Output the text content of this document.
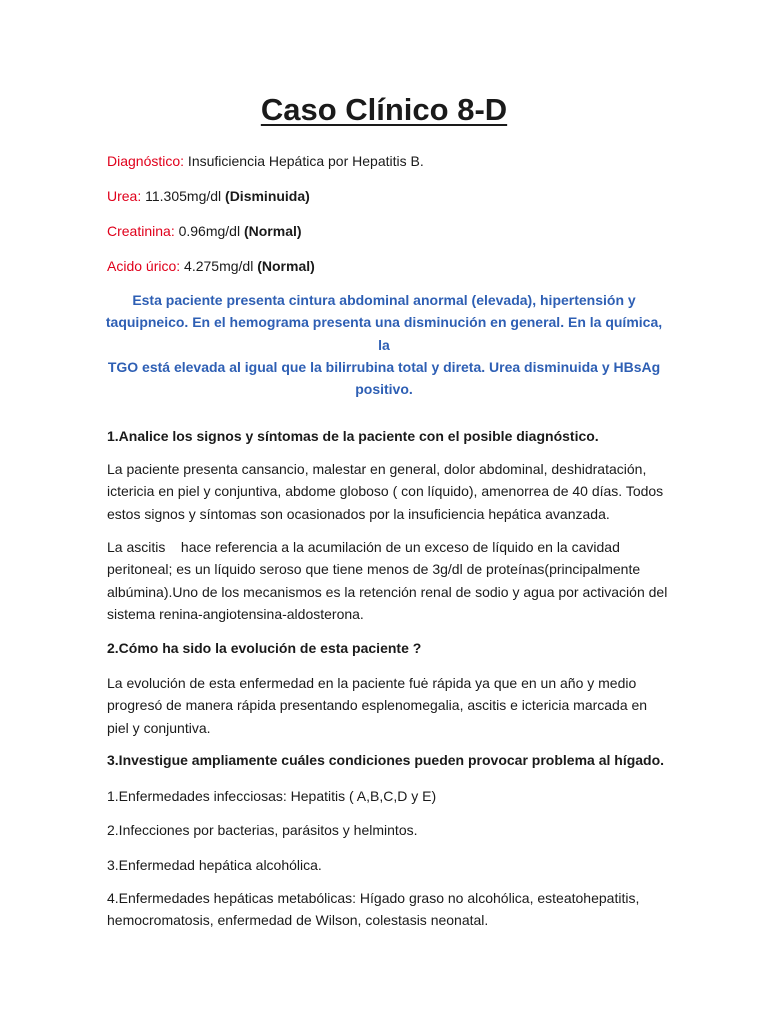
Caso Clínico 8-D
Diagnóstico: Insuficiencia Hepática por Hepatitis B.
Urea: 11.305mg/dl (Disminuida)
Creatinina: 0.96mg/dl (Normal)
Acido úrico: 4.275mg/dl (Normal)

Esta paciente presenta cintura abdominal anormal (elevada), hipertensión y
taquipneico. En el hemograma presenta una disminución en general. En la química, la
TGO está elevada al igual que la bilirrubina total y direta. Urea disminuida y HBsAg
positivo.

1.Analice los signos y síntomas de la paciente con el posible diagnóstico.

La paciente presenta cansancio, malestar en general, dolor abdominal, deshidratación,
ictericia en piel y conjuntiva, abdome globoso ( con líquido), amenorrea de 40 días. Todos
estos signos y síntomas son ocasionados por la insuficiencia hepática avanzada.

La ascitis    hace referencia a la acumilación de un exceso de líquido en la cavidad
peritoneal; es un líquido seroso que tiene menos de 3g/dl de proteínas(principalmente
albúmina).Uno de los mecanismos es la retención renal de sodio y agua por activación del
sistema renina-angiotensina-aldosterona.

2.Cómo ha sido la evolución de esta paciente ?

La evolución de esta enfermedad en la paciente fuė rápida ya que en un año y medio
progresó de manera rápida presentando esplenomegalia, ascitis e ictericia marcada en
piel y conjuntiva.

3.Investigue ampliamente cuáles condiciones pueden provocar problema al hígado.

1.Enfermedades infecciosas: Hepatitis ( A,B,C,D y E)

2.Infecciones por bacterias, parásitos y helmintos.

3.Enfermedad hepática alcohólica.

4.Enfermedades hepáticas metabólicas: Hígado graso no alcohólica, esteatohepatitis,
hemocromatosis, enfermedad de Wilson, colestasis neonatal.
